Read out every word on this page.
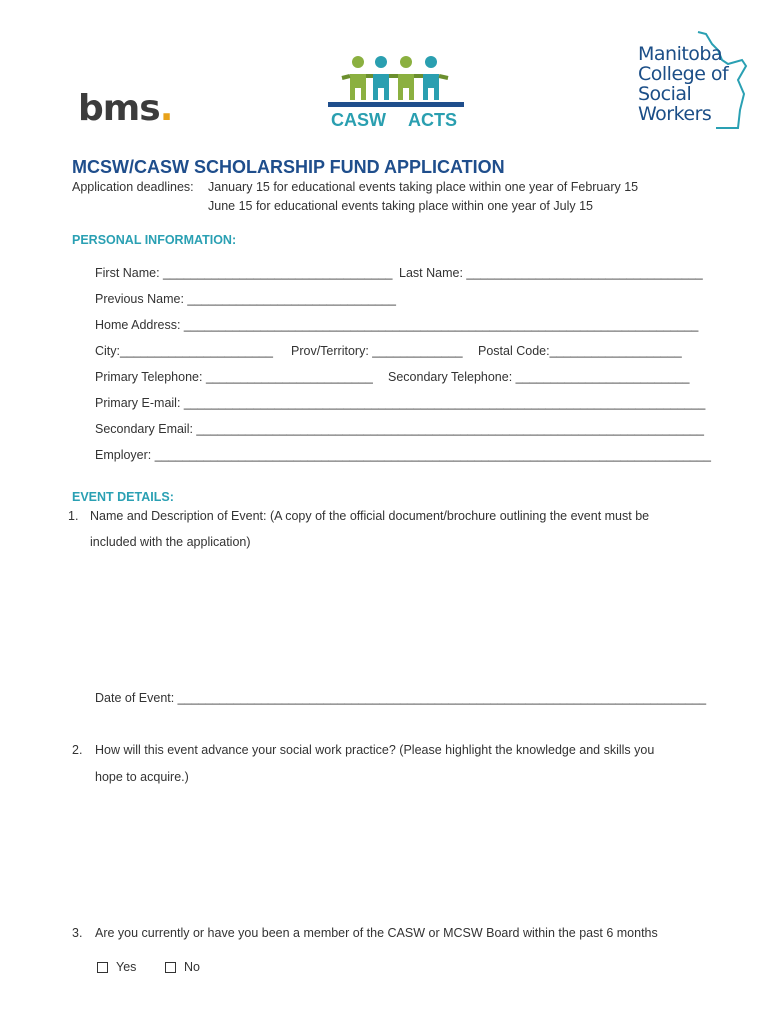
bms.	CASW ACTS
Manitoba
College of
Social
Workers
MCSW/CASW SCHOLARSHIP FUND APPLICATION
Application deadlines: January 15 for educational events taking place within one year of February 15
June 15 for educational events taking place within one year of July 15
PERSONAL INFORMATION:
First Name: _________________________________ Last Name: __________________________________
Previous Name: ______________________________
Home Address: __________________________________________________________________________
City:______________________ Prov/Territory: _____________ Postal Code:___________________
Primary Telephone: ________________________ Secondary Telephone: _________________________
Primary E-mail: ___________________________________________________________________________
Secondary Email: _________________________________________________________________________
Employer: ________________________________________________________________________________
EVENT DETAILS:
1. Name and Description of Event: (A copy of the official document/brochure outlining the event must be
included with the application)
Date of Event: ____________________________________________________________________________
2. How will this event advance your social work practice? (Please highlight the knowledge and skills you
hope to acquire.)
3. Are you currently or have you been a member of the CASW or MCSW Board within the past 6 months
Yes	No
